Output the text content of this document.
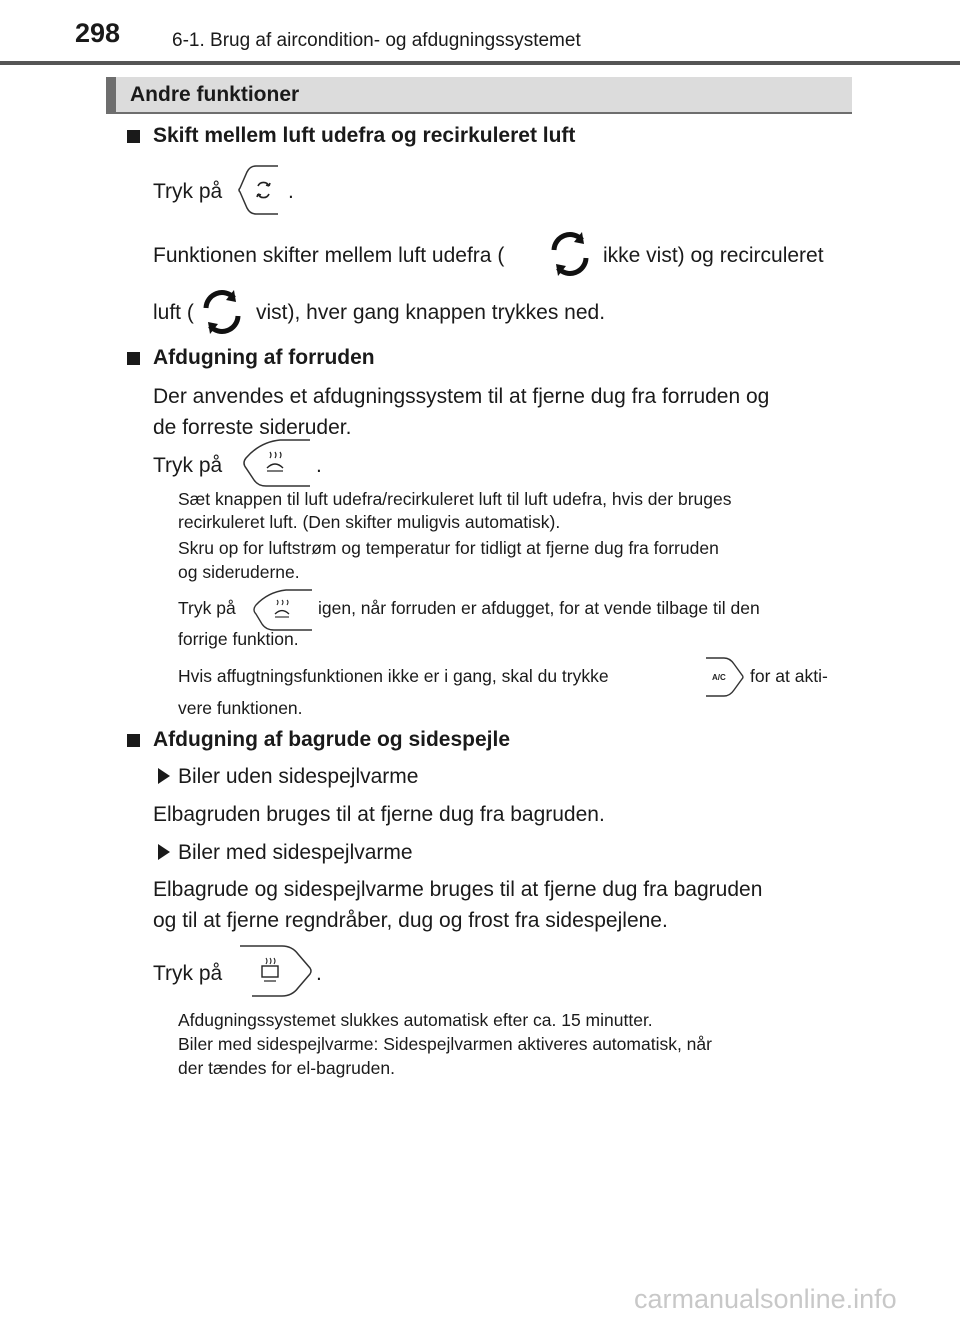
298	6-1. Brug af aircondition- og afdugningssystemet
Andre funktioner
Skift mellem luft udefra og recirkuleret luft
Tryk på	.
Funktionen skifter mellem luft udefra (	ikke vist) og recirculeret
luft (	vist), hver gang knappen trykkes ned.
Afdugning af forruden
Der anvendes et afdugningssystem til at fjerne dug fra forruden og
de forreste sideruder.
Tryk på	.
Sæt knappen til luft udefra/recirkuleret luft til luft udefra, hvis der bruges
recirkuleret luft. (Den skifter muligvis automatisk).
Skru op for luftstrøm og temperatur for tidligt at fjerne dug fra forruden
og sideruderne.
Tryk på	igen, når forruden er afdugget, for at vende tilbage til den
forrige funktion.
Hvis affugtningsfunktionen ikke er i gang, skal du trykke	A/C for at akti-
vere funktionen.
Afdugning af bagrude og sidespejle
Biler uden sidespejlvarme
Elbagruden bruges til at fjerne dug fra bagruden.
Biler med sidespejlvarme
Elbagrude og sidespejlvarme bruges til at fjerne dug fra bagruden
og til at fjerne regndråber, dug og frost fra sidespejlene.
Tryk på	.
Afdugningssystemet slukkes automatisk efter ca. 15 minutter.
Biler med sidespejlvarme: Sidespejlvarmen aktiveres automatisk, når
der tændes for el-bagruden.
carmanualsonline.info
